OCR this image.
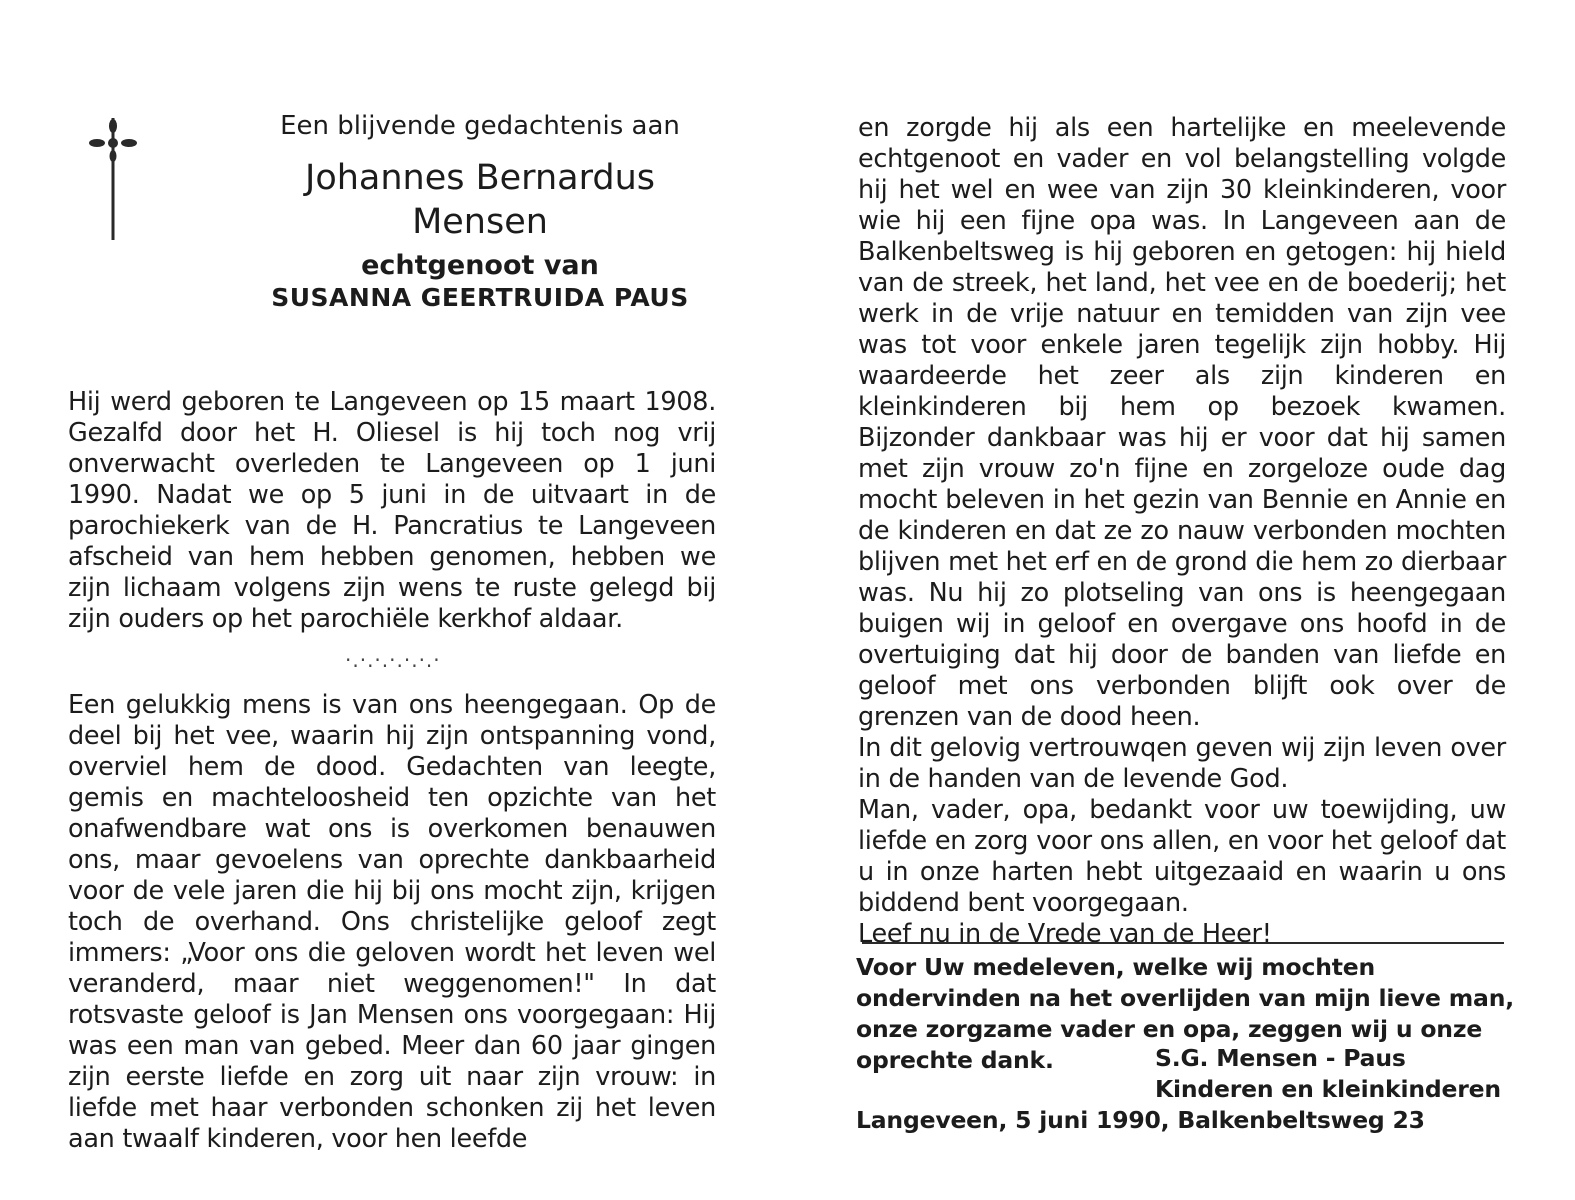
Een blijvende gedachtenis aan
Johannes Bernardus
Mensen
echtgenoot van
SUSANNA GEERTRUIDA PAUS

Hij werd geboren te Langeveen op 15 maart 1908. Gezalfd door het H. Oliesel is hij toch nog vrij onverwacht overleden te Langeveen op 1 juni 1990. Nadat we op 5 juni in de uitvaart in de parochiekerk van de H. Pancratius te Langeveen afscheid van hem hebben genomen, hebben we zijn lichaam volgens zijn wens te ruste gelegd bij zijn ouders op het parochiële kerkhof aldaar.

·.·.·.·.·.·.·

Een gelukkig mens is van ons heengegaan. Op de deel bij het vee, waarin hij zijn ontspanning vond, overviel hem de dood. Gedachten van leegte, gemis en machteloosheid ten opzichte van het onafwendbare wat ons is overkomen benauwen ons, maar gevoelens van oprechte dankbaarheid voor de vele jaren die hij bij ons mocht zijn, krijgen toch de overhand. Ons christelijke geloof zegt immers: „Voor ons die geloven wordt het leven wel veranderd, maar niet weggenomen!" In dat rotsvaste geloof is Jan Mensen ons voorgegaan: Hij was een man van gebed. Meer dan 60 jaar gingen zijn eerste liefde en zorg uit naar zijn vrouw: in liefde met haar verbonden schonken zij het leven aan twaalf kinderen, voor hen leefde

en zorgde hij als een hartelijke en meelevende echtgenoot en vader en vol belangstelling volgde hij het wel en wee van zijn 30 kleinkinderen, voor wie hij een fijne opa was. In Langeveen aan de Balkenbeltsweg is hij geboren en getogen: hij hield van de streek, het land, het vee en de boederij; het werk in de vrije natuur en temidden van zijn vee was tot voor enkele jaren tegelijk zijn hobby. Hij waardeerde het zeer als zijn kinderen en kleinkinderen bij hem op bezoek kwamen. Bijzonder dankbaar was hij er voor dat hij samen met zijn vrouw zo'n fijne en zorgeloze oude dag mocht beleven in het gezin van Bennie en Annie en de kinderen en dat ze zo nauw verbonden mochten blijven met het erf en de grond die hem zo dierbaar was. Nu hij zo plotseling van ons is heengegaan buigen wij in geloof en overgave ons hoofd in de overtuiging dat hij door de banden van liefde en geloof met ons verbonden blijft ook over de grenzen van de dood heen.

In dit gelovig vertrouwqen geven wij zijn leven over in de handen van de levende God.

Man, vader, opa, bedankt voor uw toewijding, uw liefde en zorg voor ons allen, en voor het geloof dat u in onze harten hebt uitgezaaid en waarin u ons biddend bent voorgegaan.

Leef nu in de Vrede van de Heer!

Voor Uw medeleven, welke wij mochten ondervinden na het overlijden van mijn lieve man, onze zorgzame vader en opa, zeggen wij u onze oprechte dank.	S.G. Mensen - Paus
Kinderen en kleinkinderen
Langeveen, 5 juni 1990, Balkenbeltsweg 23
